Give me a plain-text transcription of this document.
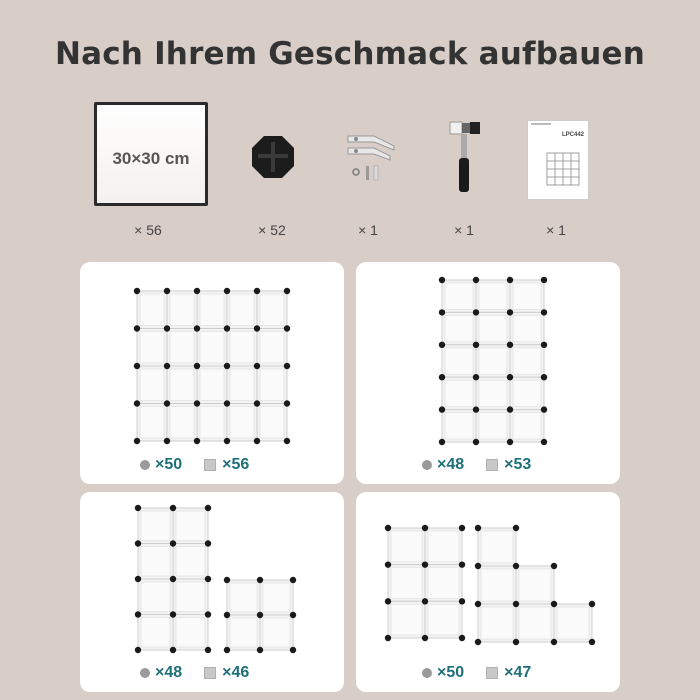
Nach Ihrem Geschmack aufbauen
30×30 cm
× 56	× 52	× 1	× 1
LPC442
× 1
×50	×56	×48	×53
×48	×46	×50	×47
